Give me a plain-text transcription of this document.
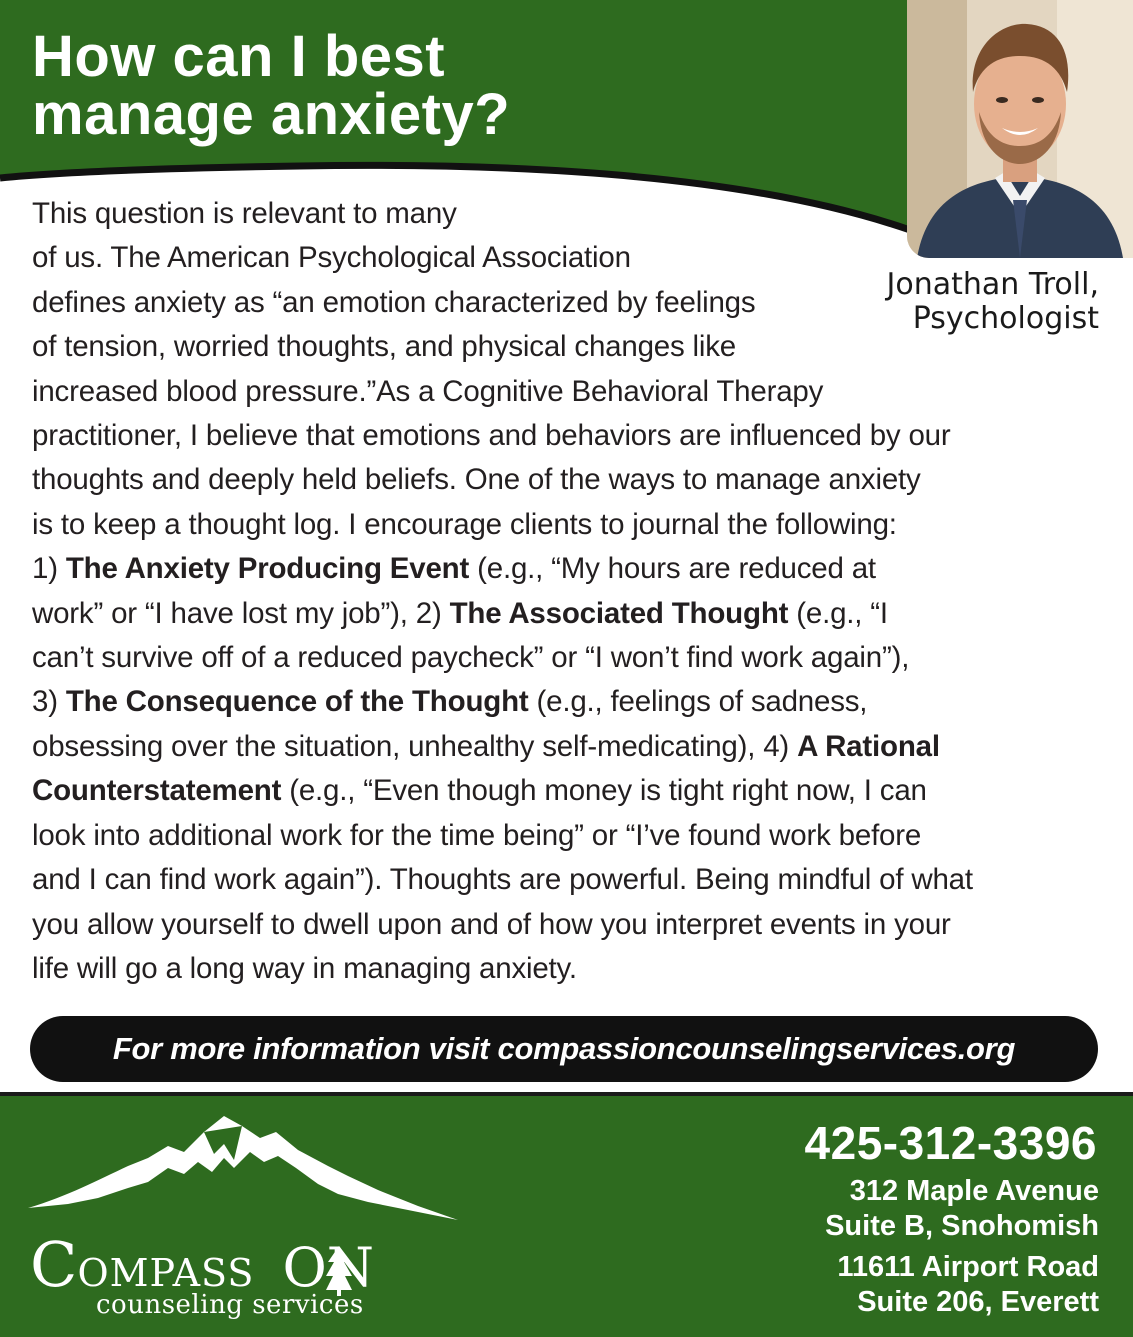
How can I best
manage anxiety?
Jonathan Troll,
Psychologist
This question is relevant to many
of us. The American Psychological Association
defines anxiety as “an emotion characterized by feelings
of tension, worried thoughts, and physical changes like
increased blood pressure.”As a Cognitive Behavioral Therapy
practitioner, I believe that emotions and behaviors are influenced by our
thoughts and deeply held beliefs. One of the ways to manage anxiety
is to keep a thought log. I encourage clients to journal the following:
1) The Anxiety Producing Event (e.g., “My hours are reduced at
work” or “I have lost my job”), 2) The Associated Thought (e.g., “I
can’t survive off of a reduced paycheck” or “I won’t find work again”),
3) The Consequence of the Thought (e.g., feelings of sadness,
obsessing over the situation, unhealthy self-medicating), 4) A Rational
Counterstatement (e.g., “Even though money is tight right now, I can
look into additional work for the time being” or “I’ve found work before
and I can find work again”). Thoughts are powerful. Being mindful of what
you allow yourself to dwell upon and of how you interpret events in your
life will go a long way in managing anxiety.
For more information visit compassioncounselingservices.org
COMPASS ON
counseling services
425-312-3396
312 Maple Avenue
Suite B, Snohomish
11611 Airport Road
Suite 206, Everett
